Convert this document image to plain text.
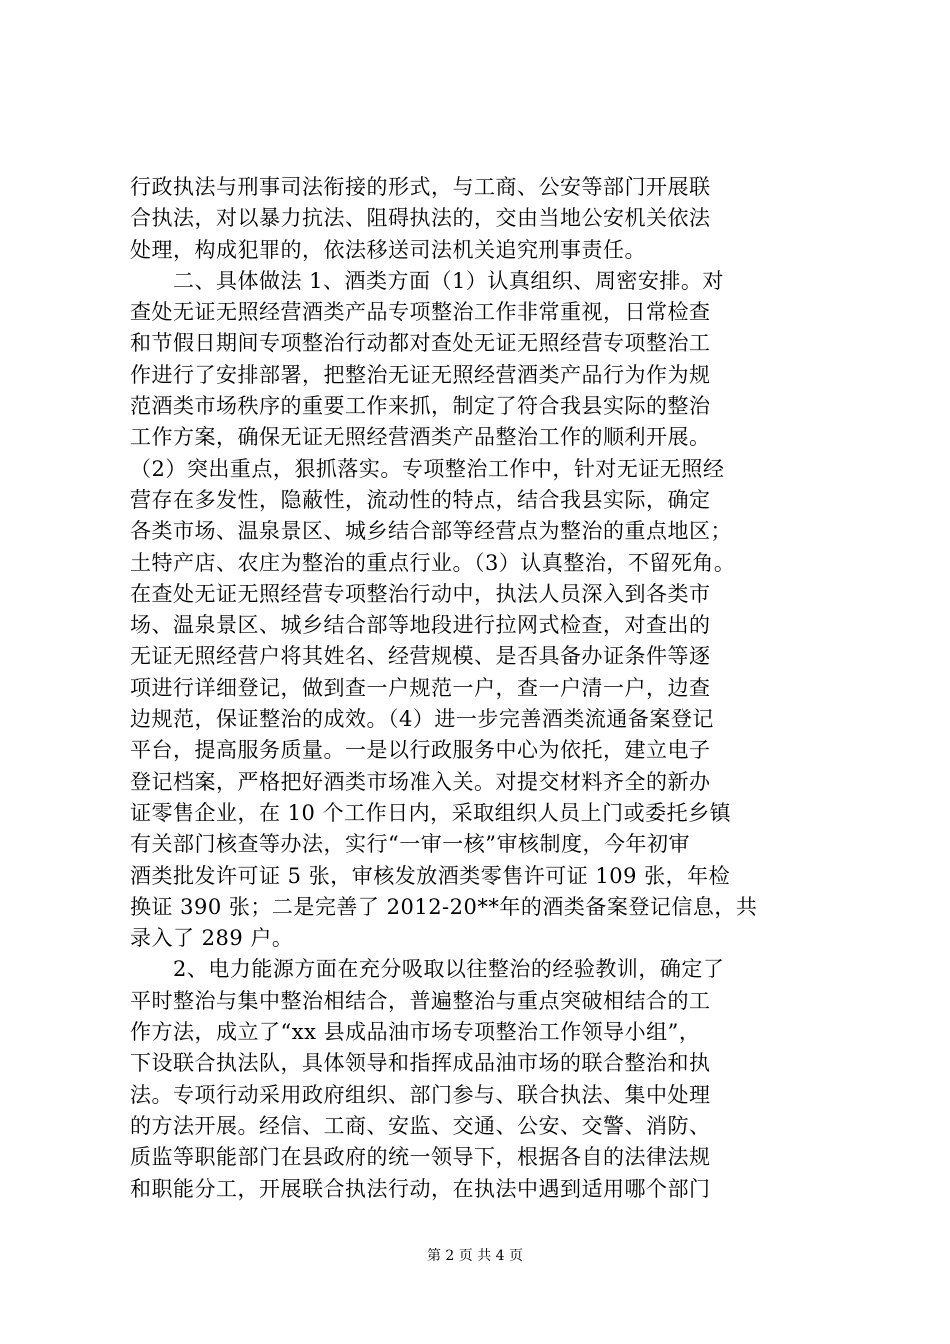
行政执法与刑事司法衔接的形式，与工商、公安等部门开展联
合执法，对以暴力抗法、阻碍执法的，交由当地公安机关依法
处理，构成犯罪的，依法移送司法机关追究刑事责任。
　　二、具体做法 1、酒类方面（1）认真组织、周密安排。对
查处无证无照经营酒类产品专项整治工作非常重视，日常检查
和节假日期间专项整治行动都对查处无证无照经营专项整治工
作进行了安排部署，把整治无证无照经营酒类产品行为作为规
范酒类市场秩序的重要工作来抓，制定了符合我县实际的整治
工作方案，确保无证无照经营酒类产品整治工作的顺利开展。
（2）突出重点，狠抓落实。专项整治工作中，针对无证无照经
营存在多发性，隐蔽性，流动性的特点，结合我县实际，确定
各类市场、温泉景区、城乡结合部等经营点为整治的重点地区；
土特产店、农庄为整治的重点行业。（3）认真整治，不留死角。
在查处无证无照经营专项整治行动中，执法人员深入到各类市
场、温泉景区、城乡结合部等地段进行拉网式检查，对查出的
无证无照经营户将其姓名、经营规模、是否具备办证条件等逐
项进行详细登记，做到查一户规范一户，查一户清一户，边查
边规范，保证整治的成效。（4）进一步完善酒类流通备案登记
平台，提高服务质量。一是以行政服务中心为依托，建立电子
登记档案，严格把好酒类市场准入关。对提交材料齐全的新办
证零售企业，在 10 个工作日内，采取组织人员上门或委托乡镇
有关部门核查等办法，实行“一审一核”审核制度，今年初审
酒类批发许可证 5 张，审核发放酒类零售许可证 109 张，年检
换证 390 张；二是完善了 2012-20**年的酒类备案登记信息，共
录入了 289 户。
　　2、电力能源方面在充分吸取以往整治的经验教训，确定了
平时整治与集中整治相结合，普遍整治与重点突破相结合的工
作方法，成立了“xx 县成品油市场专项整治工作领导小组”，
下设联合执法队，具体领导和指挥成品油市场的联合整治和执
法。专项行动采用政府组织、部门参与、联合执法、集中处理
的方法开展。经信、工商、安监、交通、公安、交警、消防、
质监等职能部门在县政府的统一领导下，根据各自的法律法规
和职能分工，开展联合执法行动，在执法中遇到适用哪个部门
第 2 页 共 4 页
